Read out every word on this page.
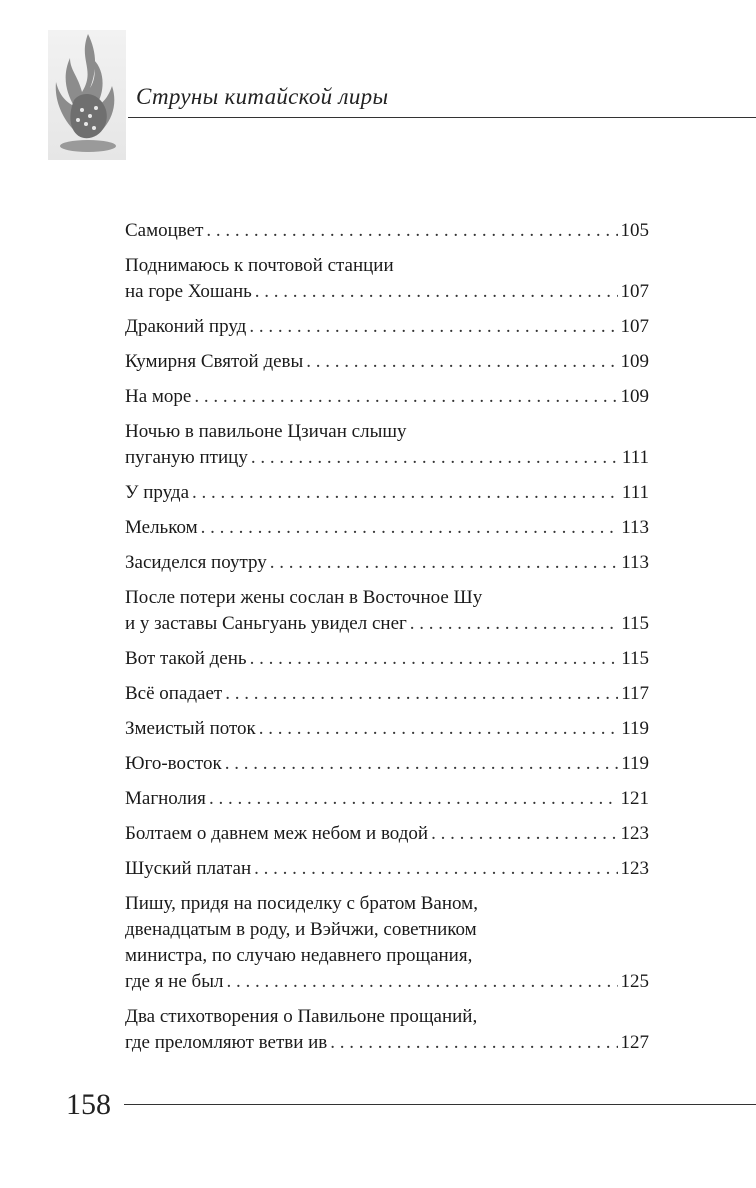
Струны китайской лиры
Самоцвет . . .	105
Поднимаюсь к почтовой станции
на горе Хошань . . .	107
Драконий пруд . . .	107
Кумирня Святой девы . . .	109
На море . . .	109
Ночью в павильоне Цзичан слышу
пуганую птицу . . .	111
У пруда . . .	111
Мельком . . .	113
Засиделся поутру . . .	113
После потери жены сослан в Восточное Шу
и у заставы Саньгуань увидел снег . . .	115
Вот такой день . . .	115
Всё опадает . . .	117
Змеистый поток . . .	119
Юго-восток . . .	119
Магнолия . . .	121
Болтаем о давнем меж небом и водой . . .	123
Шуский платан . . .	123
Пишу, придя на посиделку с братом Ваном,
двенадцатым в роду, и Вэйчжи, советником
министра, по случаю недавнего прощания,
где я не был . . .	125
Два стихотворения о Павильоне прощаний,
где преломляют ветви ив . . .	127
158
